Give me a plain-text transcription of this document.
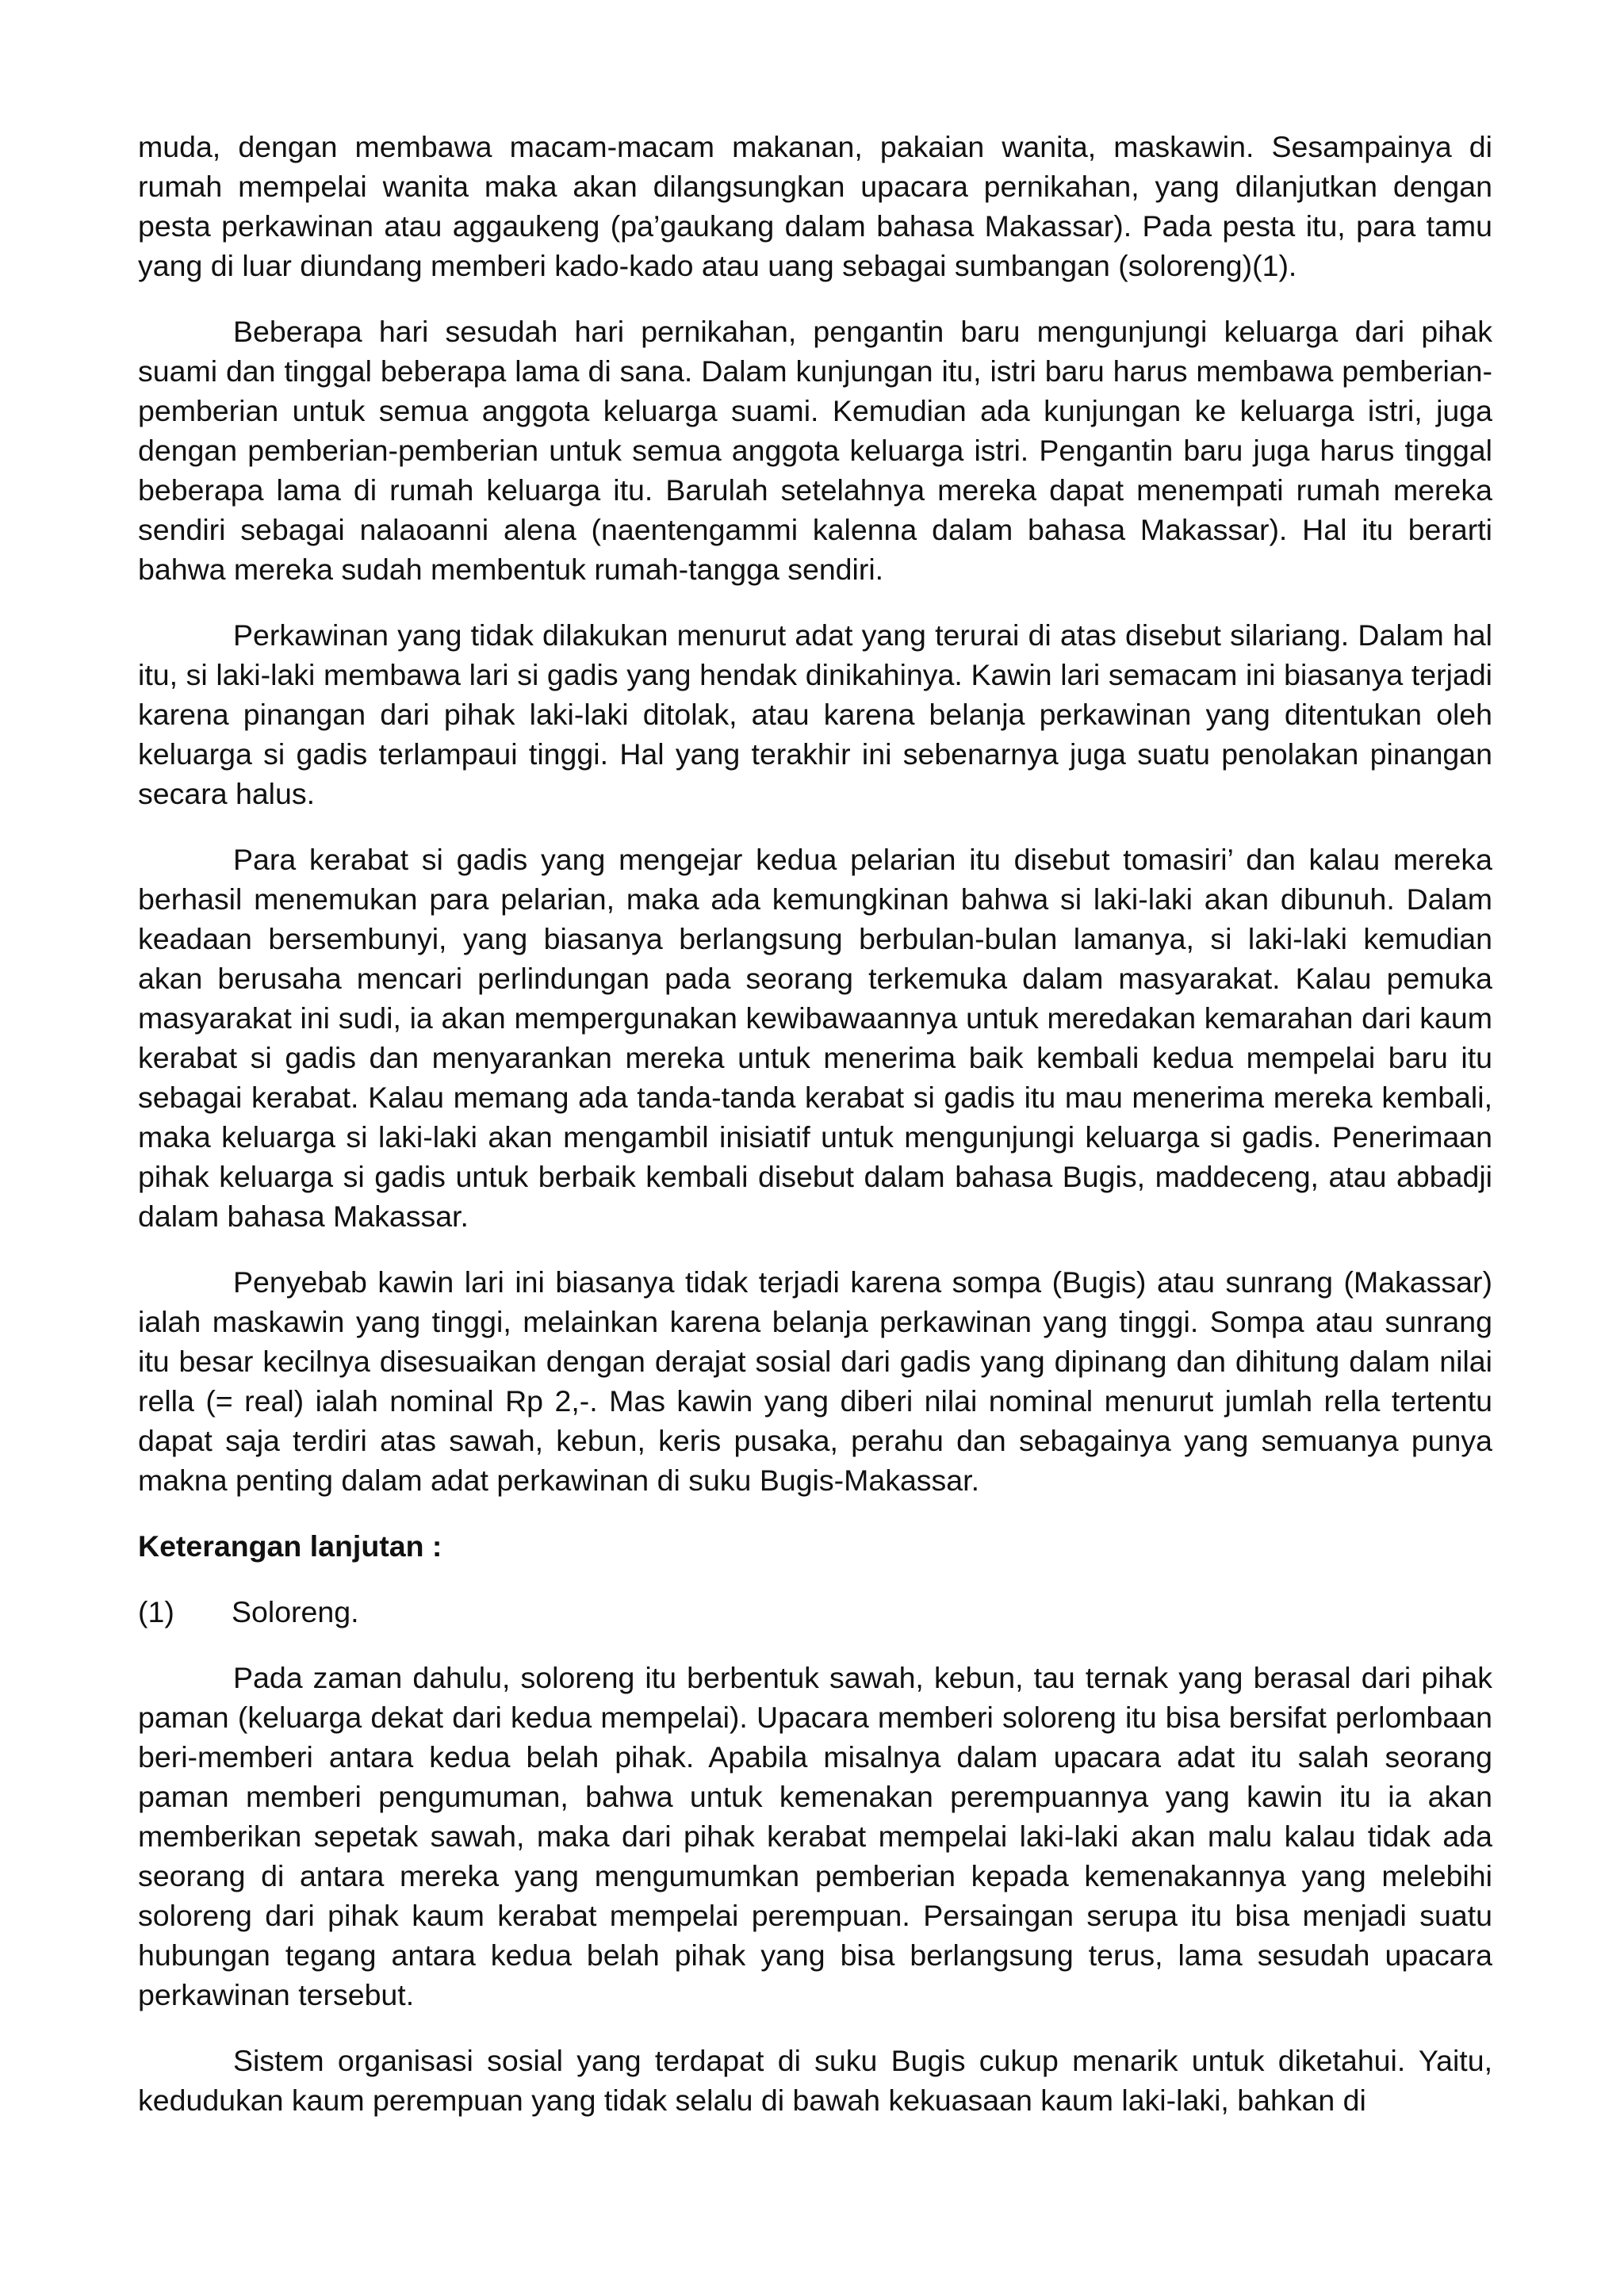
muda, dengan membawa macam-macam makanan, pakaian wanita, maskawin. Sesampainya di rumah mempelai wanita maka akan dilangsungkan upacara pernikahan, yang dilanjutkan dengan pesta perkawinan atau aggaukeng (pa’gaukang dalam bahasa Makassar). Pada pesta itu, para tamu yang di luar diundang memberi kado-kado atau uang sebagai sumbangan (soloreng)(1).

Beberapa hari sesudah hari pernikahan, pengantin baru mengunjungi keluarga dari pihak suami dan tinggal beberapa lama di sana. Dalam kunjungan itu, istri baru harus membawa pemberian-pemberian untuk semua anggota keluarga suami. Kemudian ada kunjungan ke keluarga istri, juga dengan pemberian-pemberian untuk semua anggota keluarga istri. Pengantin baru juga harus tinggal beberapa lama di rumah keluarga itu. Barulah setelahnya mereka dapat menempati rumah mereka sendiri sebagai nalaoanni alena (naentengammi kalenna dalam bahasa Makassar). Hal itu berarti bahwa mereka sudah membentuk rumah-tangga sendiri.

Perkawinan yang tidak dilakukan menurut adat yang terurai di atas disebut silariang. Dalam hal itu, si laki-laki membawa lari si gadis yang hendak dinikahinya. Kawin lari semacam ini biasanya terjadi karena pinangan dari pihak laki-laki ditolak, atau karena belanja perkawinan yang ditentukan oleh keluarga si gadis terlampaui tinggi. Hal yang terakhir ini sebenarnya juga suatu penolakan pinangan secara halus.

Para kerabat si gadis yang mengejar kedua pelarian itu disebut tomasiri’ dan kalau mereka berhasil menemukan para pelarian, maka ada kemungkinan bahwa si laki-laki akan dibunuh. Dalam keadaan bersembunyi, yang biasanya berlangsung berbulan-bulan lamanya, si laki-laki kemudian akan berusaha mencari perlindungan pada seorang terkemuka dalam masyarakat. Kalau pemuka masyarakat ini sudi, ia akan mempergunakan kewibawaannya untuk meredakan kemarahan dari kaum kerabat si gadis dan menyarankan mereka untuk menerima baik kembali kedua mempelai baru itu sebagai kerabat. Kalau memang ada tanda-tanda kerabat si gadis itu mau menerima mereka kembali, maka keluarga si laki-laki akan mengambil inisiatif untuk mengunjungi keluarga si gadis. Penerimaan pihak keluarga si gadis untuk berbaik kembali disebut dalam bahasa Bugis, maddeceng, atau abbadji dalam bahasa Makassar.

Penyebab kawin lari ini biasanya tidak terjadi karena sompa (Bugis) atau sunrang (Makassar) ialah maskawin yang tinggi, melainkan karena belanja perkawinan yang tinggi. Sompa atau sunrang itu besar kecilnya disesuaikan dengan derajat sosial dari gadis yang dipinang dan dihitung dalam nilai rella (= real) ialah nominal Rp 2,-. Mas kawin yang diberi nilai nominal menurut jumlah rella tertentu dapat saja terdiri atas sawah, kebun, keris pusaka, perahu dan sebagainya yang semuanya punya makna penting dalam adat perkawinan di suku Bugis-Makassar.

Keterangan lanjutan :

(1)	Soloreng.

Pada zaman dahulu, soloreng itu berbentuk sawah, kebun, tau ternak yang berasal dari pihak paman (keluarga dekat dari kedua mempelai). Upacara memberi soloreng itu bisa bersifat perlombaan beri-memberi antara kedua belah pihak. Apabila misalnya dalam upacara adat itu salah seorang paman memberi pengumuman, bahwa untuk kemenakan perempuannya yang kawin itu ia akan memberikan sepetak sawah, maka dari pihak kerabat mempelai laki-laki akan malu kalau tidak ada seorang di antara mereka yang mengumumkan pemberian kepada kemenakannya yang melebihi soloreng dari pihak kaum kerabat mempelai perempuan. Persaingan serupa itu bisa menjadi suatu hubungan tegang antara kedua belah pihak yang bisa berlangsung terus, lama sesudah upacara perkawinan tersebut.

Sistem organisasi sosial yang terdapat di suku Bugis cukup menarik untuk diketahui. Yaitu, kedudukan kaum perempuan yang tidak selalu di bawah kekuasaan kaum laki-laki, bahkan di
